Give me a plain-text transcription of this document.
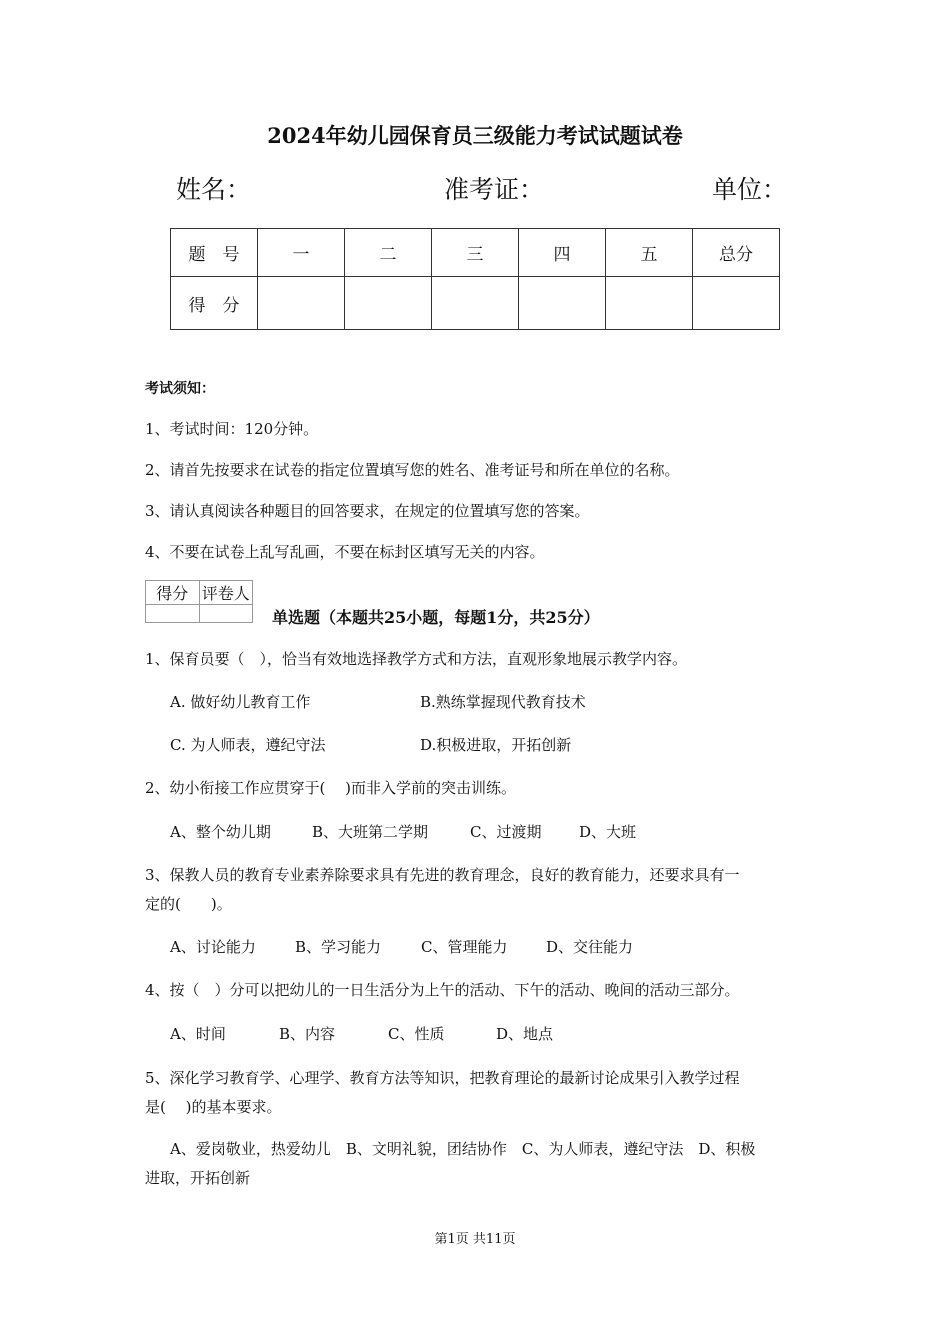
2024年幼儿园保育员三级能力考试试题试卷
姓名：	准考证：	单位：
题　号	一	二	三	四	五	总分
得　分						
考试须知：
1、考试时间：120分钟。
2、请首先按要求在试卷的指定位置填写您的姓名、准考证号和所在单位的名称。
3、请认真阅读各种题目的回答要求，在规定的位置填写您的答案。
4、不要在试卷上乱写乱画，不要在标封区填写无关的内容。
得分	评卷人

单选题（本题共25小题，每题1分，共25分）
1、保育员要（　），恰当有效地选择教学方式和方法，直观形象地展示教学内容。
A. 做好幼儿教育工作	B.熟练掌握现代教育技术
C. 为人师表，遵纪守法	D.积极进取，开拓创新
2、幼小衔接工作应贯穿于(　 )而非入学前的突击训练。
A、整个幼儿期	B、大班第二学期	C、过渡期	D、大班
3、保教人员的教育专业素养除要求具有先进的教育理念，良好的教育能力，还要求具有一
定的(　　)。
A、讨论能力	B、学习能力	C、管理能力	D、交往能力
4、按（　）分可以把幼儿的一日生活分为上午的活动、下午的活动、晚间的活动三部分。
A、时间	B、内容	C、性质	D、地点
5、深化学习教育学、心理学、教育方法等知识，把教育理论的最新讨论成果引入教学过程
是(　 )的基本要求。
A、爱岗敬业，热爱幼儿　B、文明礼貌，团结协作　C、为人师表，遵纪守法　D、积极
进取，开拓创新
第1页 共11页
